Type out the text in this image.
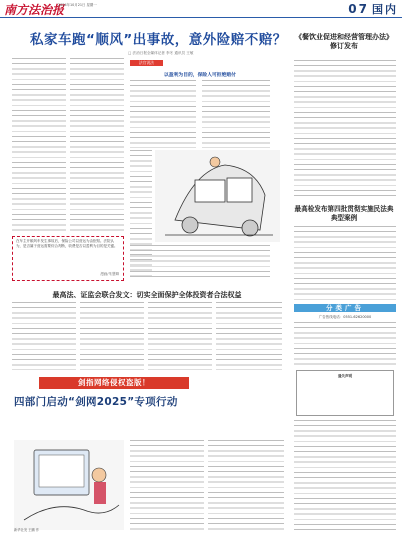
南方法治报
2024年10月21日 星期一	07 国内
私家车跑“顺风”出事故，意外险赔不赔？
□ 法治日报全媒体记者 李冬 通讯员 王敏
法官说法
以盈利为目的，保险人可拒绝赔付
《餐饮业促进和经营管理办法》修订发布
最高检发布第四批贯彻实施民法典典型案例
在车主开顺风车发生事故后，保险公司以营运为由拒赔。法院认为，是否属于营运需要综合判断，收费是否以盈利为目的是关键。
漫画/朱慧卿
最高法、证监会联合发文：切实全面保护全体投资者合法权益
分类广告
广告热线电话：0551-62620000
遗失声明
剑指网络侵权盗版！
四部门启动“剑网2025”专项行动
新华社发 王鹏 作
